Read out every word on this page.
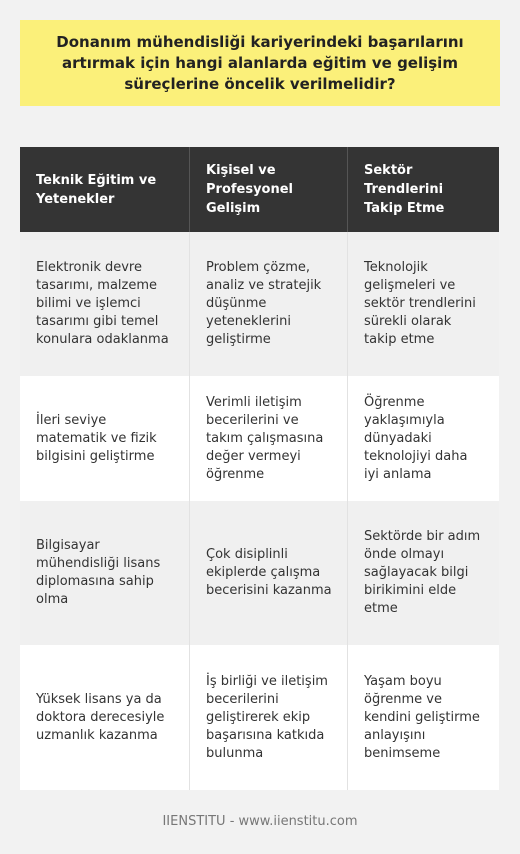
Donanım mühendisliği kariyerindeki başarılarını artırmak için hangi alanlarda eğitim ve gelişim süreçlerine öncelik verilmelidir?
Teknik Eğitim ve Yetenekler
Kişisel ve Profesyonel Gelişim
Sektör Trendlerini Takip Etme
Elektronik devre tasarımı, malzeme bilimi ve işlemci tasarımı gibi temel konulara odaklanma
Problem çözme, analiz ve stratejik düşünme yeteneklerini geliştirme
Teknolojik gelişmeleri ve sektör trendlerini sürekli olarak takip etme
İleri seviye matematik ve fizik bilgisini geliştirme
Verimli iletişim becerilerini ve takım çalışmasına değer vermeyi öğrenme
Öğrenme yaklaşımıyla dünyadaki teknolojiyi daha iyi anlama
Bilgisayar mühendisliği lisans diplomasına sahip olma
Çok disiplinli ekiplerde çalışma becerisini kazanma
Sektörde bir adım önde olmayı sağlayacak bilgi birikimini elde etme
Yüksek lisans ya da doktora derecesiyle uzmanlık kazanma
İş birliği ve iletişim becerilerini geliştirerek ekip başarısına katkıda bulunma
Yaşam boyu öğrenme ve kendini geliştirme anlayışını benimseme
IIENSTITU - www.iienstitu.com
